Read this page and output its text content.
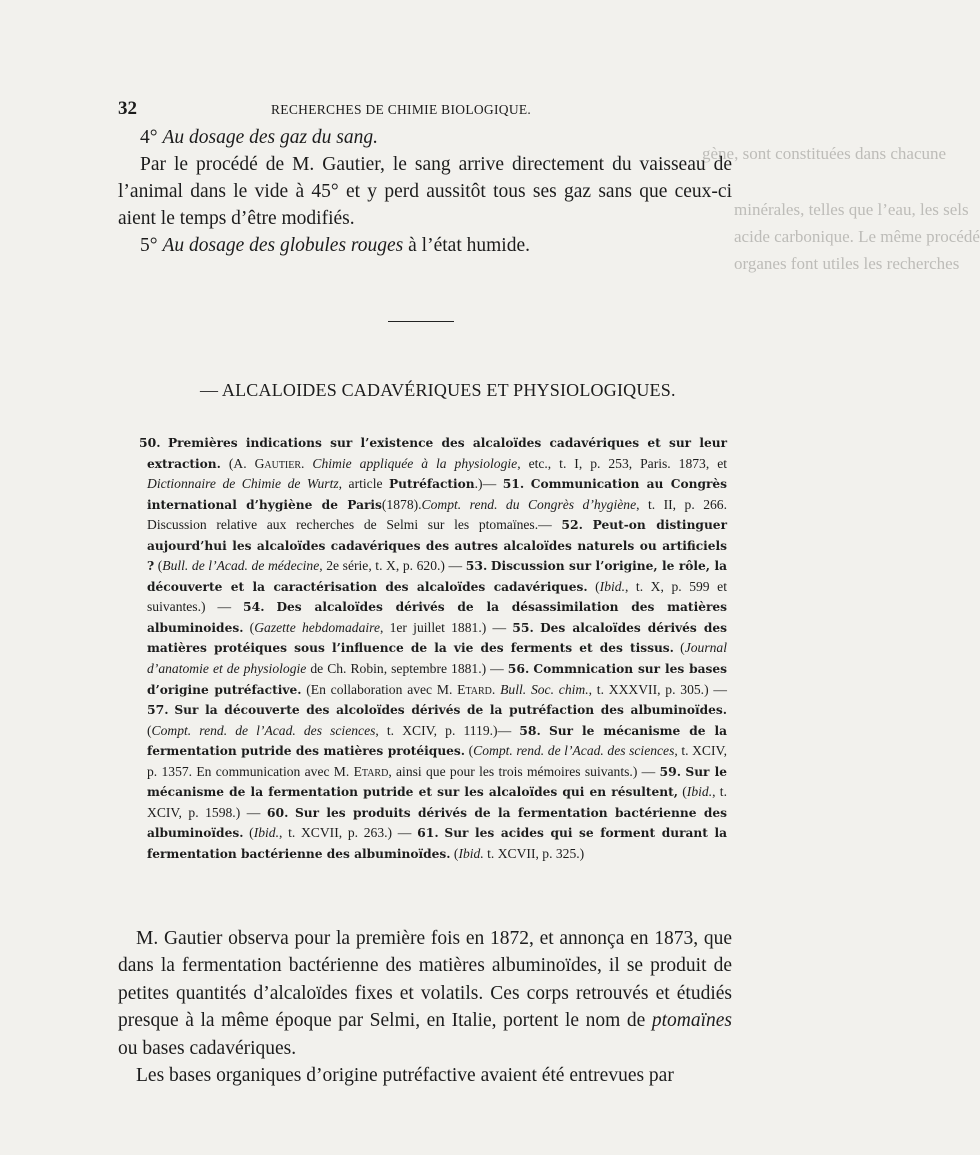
gène, sont constituées dans chacune
minérales, telles que l’eau, les sels
acide carbonique. Le même procédé
organes font utiles les recherches
32	RECHERCHES DE CHIMIE BIOLOGIQUE.

4° Au dosage des gaz du sang.

Par le procédé de M. Gautier, le sang arrive directement du vaisseau de l’animal dans le vide à 45° et y perd aussitôt tous ses gaz sans que ceux-ci aient le temps d’être modifiés.

5° Au dosage des globules rouges à l’état humide.

— ALCALOIDES CADAVÉRIQUES ET PHYSIOLOGIQUES.
50. Premières indications sur l’existence des alcaloïdes cadavériques et sur leur extraction. (A. Gautier. Chimie appliquée à la physiologie, etc., t. I, p. 253, Paris. 1873, et Dictionnaire de Chimie de Wurtz, article Putréfaction.)— 51. Communication au Congrès international d’hygiène de Paris(1878).Compt. rend. du Congrès d’hygiène, t. II, p. 266. Discussion relative aux recherches de Selmi sur les ptomaïnes.— 52. Peut-on distinguer aujourd’hui les alcaloïdes cadavériques des autres alcaloïdes naturels ou artificiels ? (Bull. de l’Acad. de médecine, 2e série, t. X, p. 620.) — 53. Discussion sur l’origine, le rôle, la découverte et la caractérisation des alcaloïdes cadavériques. (Ibid., t. X, p. 599 et suivantes.) — 54. Des alcaloïdes dérivés de la désassimilation des matières albuminoides. (Gazette hebdomadaire, 1er juillet 1881.) — 55. Des alcaloïdes dérivés des matières protéiques sous l’influence de la vie des ferments et des tissus. (Journal d’anatomie et de physiologie de Ch. Robin, septembre 1881.) — 56. Commnication sur les bases d’origine putréfactive. (En collaboration avec M. Etard. Bull. Soc. chim., t. XXXVII, p. 305.) — 57. Sur la découverte des alcoloïdes dérivés de la putréfaction des albuminoïdes. (Compt. rend. de l’Acad. des sciences, t. XCIV, p. 1119.)— 58. Sur le mécanisme de la fermentation putride des matières protéiques. (Compt. rend. de l’Acad. des sciences, t. XCIV, p. 1357. En communication avec M. Etard, ainsi que pour les trois mémoires suivants.) — 59. Sur le mécanisme de la fermentation putride et sur les alcaloïdes qui en résultent, (Ibid., t. XCIV, p. 1598.) — 60. Sur les produits dérivés de la fermentation bactérienne des albuminoïdes. (Ibid., t. XCVII, p. 263.) — 61. Sur les acides qui se forment durant la fermentation bactérienne des albuminoïdes. (Ibid. t. XCVII, p. 325.)

M. Gautier observa pour la première fois en 1872, et annonça en 1873, que dans la fermentation bactérienne des matières albuminoïdes, il se produit de petites quantités d’alcaloïdes fixes et volatils. Ces corps retrouvés et étudiés presque à la même époque par Selmi, en Italie, portent le nom de ptomaïnes ou bases cadavériques.

Les bases organiques d’origine putréfactive avaient été entrevues par
